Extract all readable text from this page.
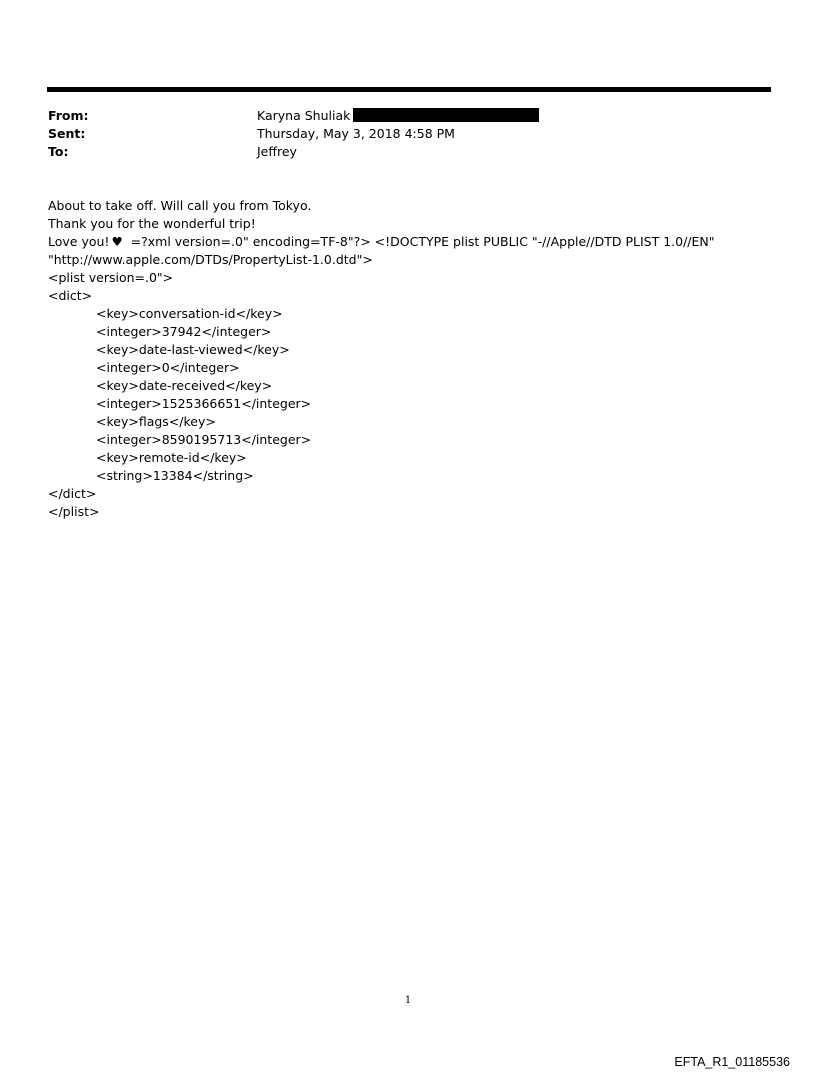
From:	Karyna Shuliak
Sent:	Thursday, May 3, 2018 4:58 PM
To:	Jeffrey
About to take off. Will call you from Tokyo.
Thank you for the wonderful trip!
Love you! ♥ =?xml version=.0" encoding=TF-8"?> <!DOCTYPE plist PUBLIC "-//Apple//DTD PLIST 1.0//EN"
"http://www.apple.com/DTDs/PropertyList-1.0.dtd">
<plist version=.0">
<dict>
<key>conversation-id</key>
<integer>37942</integer>
<key>date-last-viewed</key>
<integer>0</integer>
<key>date-received</key>
<integer>1525366651</integer>
<key>flags</key>
<integer>8590195713</integer>
<key>remote-id</key>
<string>13384</string>
</dict>
</plist>
1
EFTA_R1_01185536
